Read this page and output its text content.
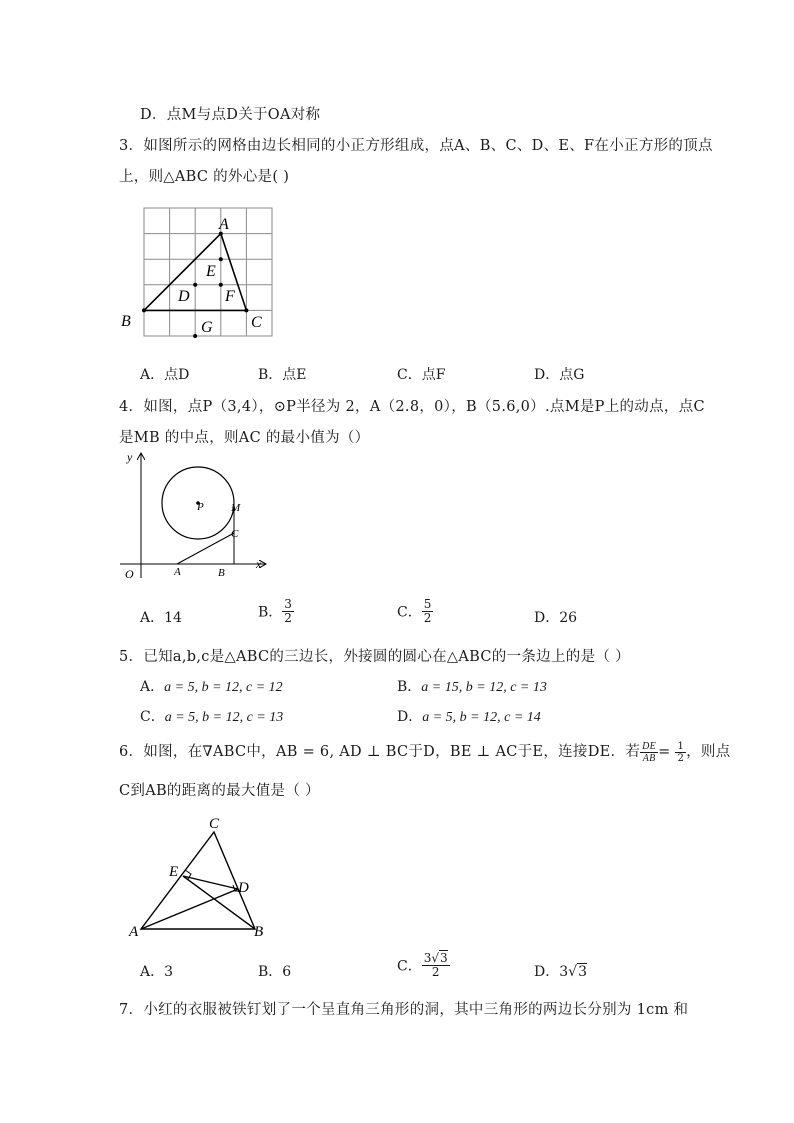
D．点M与点D关于OA对称
3．如图所示的网格由边长相同的小正方形组成，点A、B、C、D、E、F在小正方形的顶点
上，则△ABC 的外心是( )
A
B	C
D
E
F
G
A．点D	B．点E	C．点F	D．点G
4．如图，点P（3,4），⊙P半径为 2，A（2.8，0），B（5.6,0）.点M是P上的动点，点C
是MB 的中点，则AC 的最小值为（）
y
x
O
P M
C
A	B
A．14	B． $\frac{3}{2}$	C． $\frac{5}{2}$	D．26
5．已知a,b,c是△ABC的三边长，外接圆的圆心在△ABC的一条边上的是（ ）
A．a = 5, b = 12, c = 12	B．a = 15, b = 12, c = 13
C．a = 5, b = 12, c = 13	D．a = 5, b = 12, c = 14
6．如图，在∇ABC中，AB = 6, AD ⊥ BC于D，BE ⊥ AC于E，连接DE．若 $\frac{DE}{AB} = \frac{1}{2}$ ，则点
C到AB的距离的最大值是（ ）
A	B
C
D
E
A．3	B．6	C． $\frac{3√3}{2}$	D．3√3
7．小红的衣服被铁钉划了一个呈直角三角形的洞，其中三角形的两边长分别为 1cm 和
